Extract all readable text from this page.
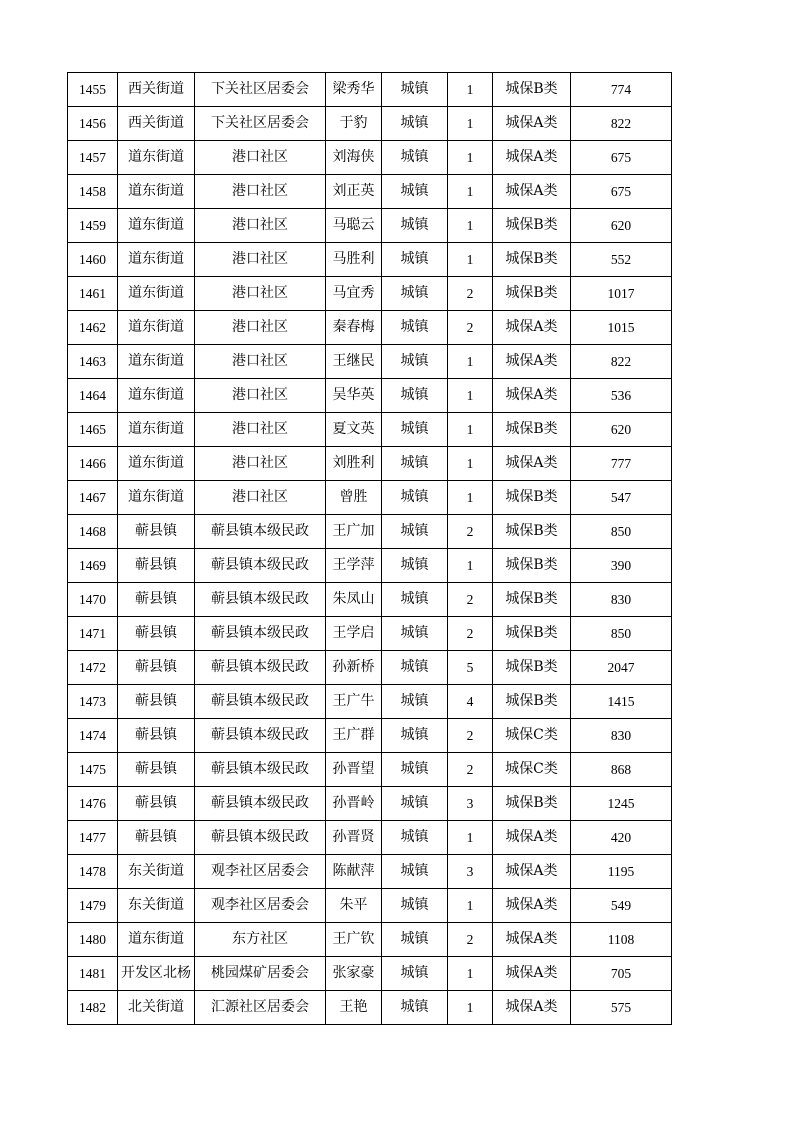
1455	西关街道	下关社区居委会	梁秀华	城镇	1	城保B类	774
1456	西关街道	下关社区居委会	于豹	城镇	1	城保A类	822
1457	道东街道	港口社区	刘海侠	城镇	1	城保A类	675
1458	道东街道	港口社区	刘正英	城镇	1	城保A类	675
1459	道东街道	港口社区	马聪云	城镇	1	城保B类	620
1460	道东街道	港口社区	马胜利	城镇	1	城保B类	552
1461	道东街道	港口社区	马宜秀	城镇	2	城保B类	1017
1462	道东街道	港口社区	秦春梅	城镇	2	城保A类	1015
1463	道东街道	港口社区	王继民	城镇	1	城保A类	822
1464	道东街道	港口社区	吴华英	城镇	1	城保A类	536
1465	道东街道	港口社区	夏文英	城镇	1	城保B类	620
1466	道东街道	港口社区	刘胜利	城镇	1	城保A类	777
1467	道东街道	港口社区	曾胜	城镇	1	城保B类	547
1468	蕲县镇	蕲县镇本级民政	王广加	城镇	2	城保B类	850
1469	蕲县镇	蕲县镇本级民政	王学萍	城镇	1	城保B类	390
1470	蕲县镇	蕲县镇本级民政	朱凤山	城镇	2	城保B类	830
1471	蕲县镇	蕲县镇本级民政	王学启	城镇	2	城保B类	850
1472	蕲县镇	蕲县镇本级民政	孙新桥	城镇	5	城保B类	2047
1473	蕲县镇	蕲县镇本级民政	王广牛	城镇	4	城保B类	1415
1474	蕲县镇	蕲县镇本级民政	王广群	城镇	2	城保C类	830
1475	蕲县镇	蕲县镇本级民政	孙晋望	城镇	2	城保C类	868
1476	蕲县镇	蕲县镇本级民政	孙晋岭	城镇	3	城保B类	1245
1477	蕲县镇	蕲县镇本级民政	孙晋贤	城镇	1	城保A类	420
1478	东关街道	观李社区居委会	陈献萍	城镇	3	城保A类	1195
1479	东关街道	观李社区居委会	朱平	城镇	1	城保A类	549
1480	道东街道	东方社区	王广钦	城镇	2	城保A类	1108
1481	开发区北杨	桃园煤矿居委会	张家豪	城镇	1	城保A类	705
1482	北关街道	汇源社区居委会	王艳	城镇	1	城保A类	575
